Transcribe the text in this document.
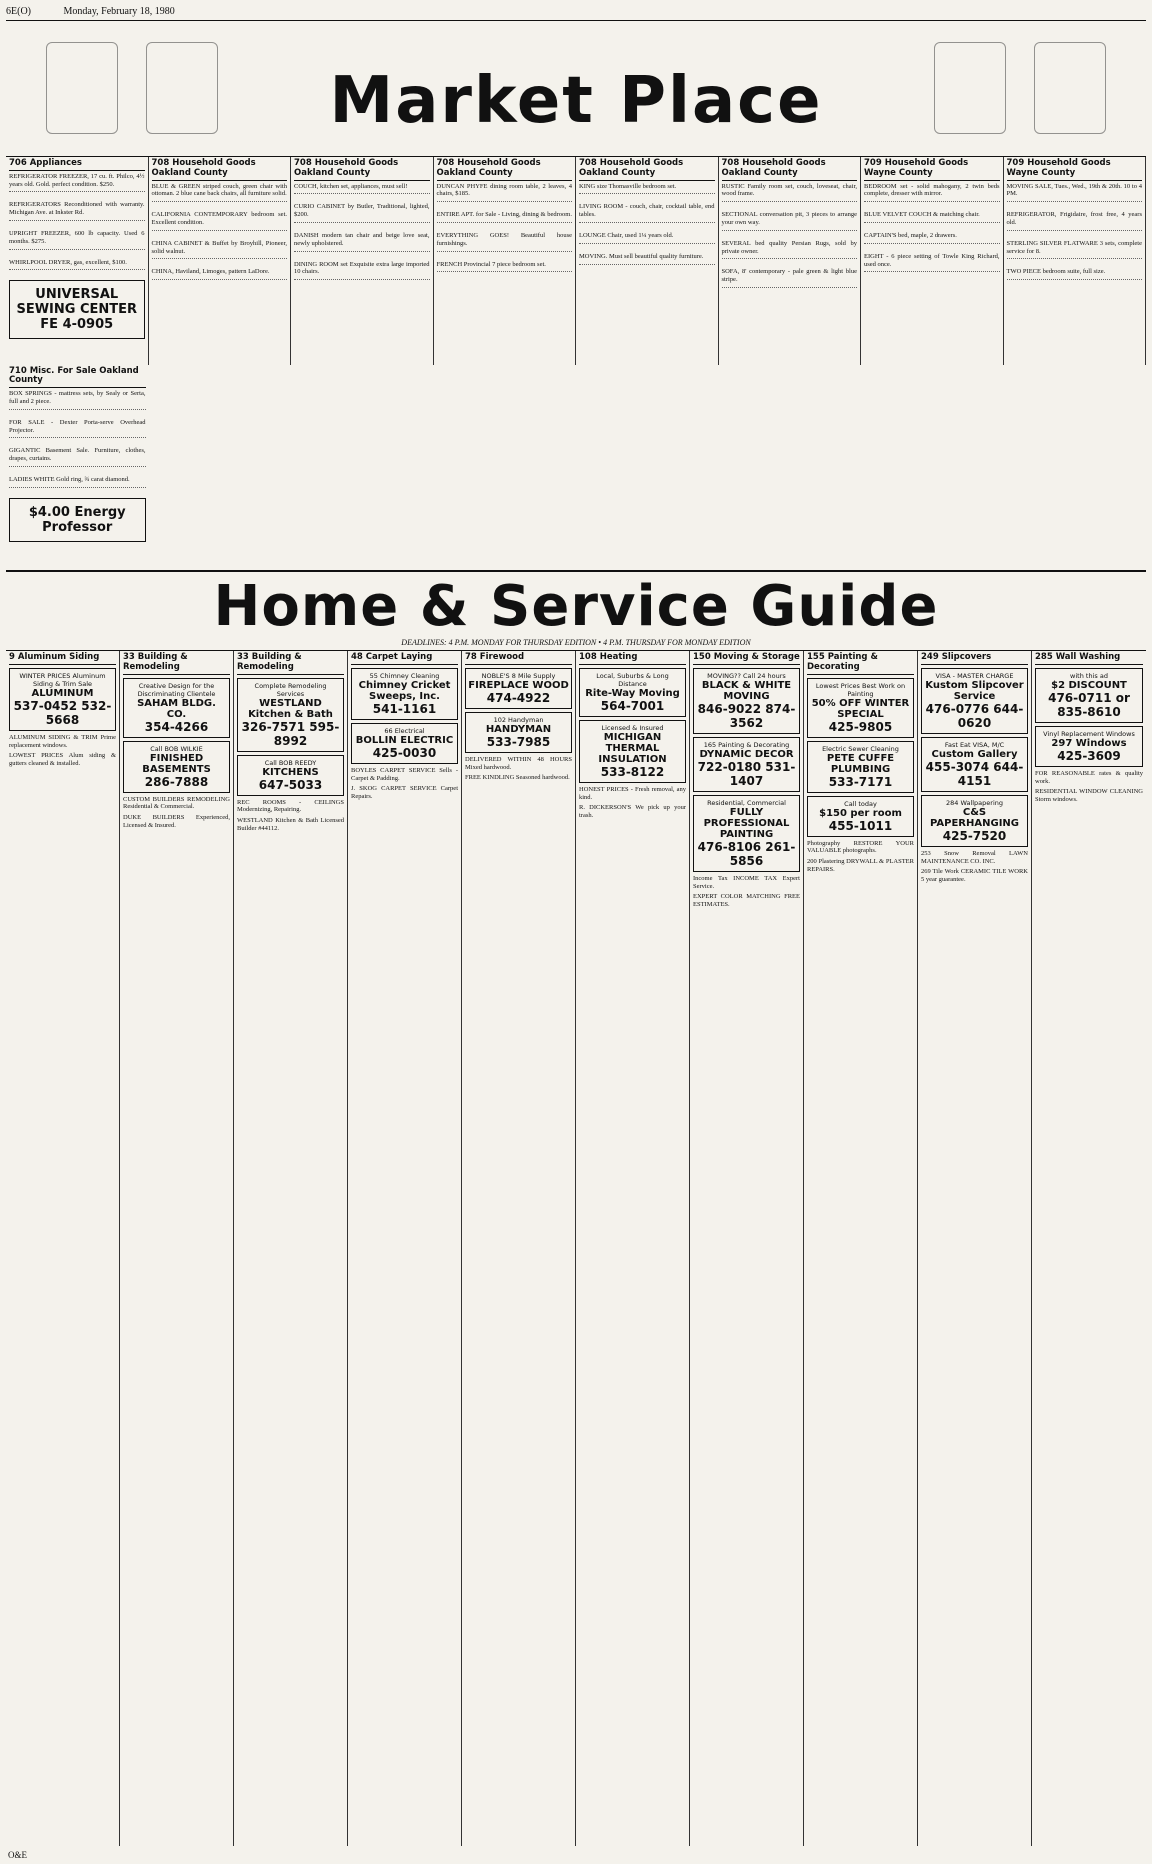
6E(O)	Monday, February 18, 1980
Market Place
706 Appliances
REFRIGERATOR FREEZER, 17 cu. ft. Philco, 4½ years old. Gold. perfect condition. $250.
REFRIGERATORS Reconditioned with warranty. Michigan Ave. at Inkster Rd.
UPRIGHT FREEZER, 600 lb capacity. Used 6 months. $275.
WHIRLPOOL DRYER, gas, excellent, $100.
UNIVERSAL SEWING CENTER FE 4-0905
708 Household Goods Oakland County
BLUE & GREEN striped couch, green chair with ottoman. 2 blue cane back chairs, all furniture solid.
CALIFORNIA CONTEMPORARY bedroom set. Excellent condition.
CHINA CABINET & Buffet by Broyhill, Pioneer, solid walnut.
CHINA, Haviland, Limoges, pattern LaDore.
708 Household Goods Oakland County
COUCH, kitchen set, appliances, must sell!
CURIO CABINET by Butler, Traditional, lighted, $200.
DANISH modern tan chair and beige love seat, newly upholstered.
DINING ROOM set Exquisite extra large imported 10 chairs.
708 Household Goods Oakland County
DUNCAN PHYFE dining room table, 2 leaves, 4 chairs, $185.
ENTIRE APT. for Sale - Living, dining & bedroom.
EVERYTHING GOES! Beautiful house furnishings.
FRENCH Provincial 7 piece bedroom set.
708 Household Goods Oakland County
KING size Thomasville bedroom set.
LIVING ROOM - couch, chair, cocktail table, end tables.
LOUNGE Chair, used 1¼ years old.
MOVING. Must sell beautiful quality furniture.
708 Household Goods Oakland County
RUSTIC Family room set, couch, loveseat, chair, wood frame.
SECTIONAL conversation pit, 3 pieces to arrange your own way.
SEVERAL bed quality Persian Rugs, sold by private owner.
SOFA, 8' contemporary - pale green & light blue stripe.
709 Household Goods Wayne County
BEDROOM set - solid mahogany, 2 twin beds complete, dresser with mirror.
BLUE VELVET COUCH & matching chair.
CAPTAIN'S bed, maple, 2 drawers.
EIGHT - 6 piece setting of Towle King Richard, used once.
709 Household Goods Wayne County
MOVING SALE, Tues., Wed., 19th & 20th. 10 to 4 PM.
REFRIGERATOR, Frigidaire, frost free, 4 years old.
STERLING SILVER FLATWARE 3 sets, complete service for 8.
TWO PIECE bedroom suite, full size.
710 Misc. For Sale Oakland County
BOX SPRINGS - mattress sets, by Sealy or Serta, full and 2 piece.
FOR SALE - Dexter Porta-serve Overhead Projector.
GIGANTIC Basement Sale. Furniture, clothes, drapes, curtains.
LADIES WHITE Gold ring, ¾ carat diamond.
$4.00 Energy Professor
Home & Service Guide
DEADLINES: 4 P.M. MONDAY FOR THURSDAY EDITION • 4 P.M. THURSDAY FOR MONDAY EDITION
9 Aluminum Siding
WINTER PRICES Aluminum Siding & Trim Sale
ALUMINUM
537-0452 532-5668
ALUMINUM SIDING & TRIM Prime replacement windows.
LOWEST PRICES Alum siding & gutters cleaned & installed.
33 Building & Remodeling
Creative Design for the Discriminating Clientele
SAHAM BLDG. CO.
354-4266
Call BOB WILKIE
FINISHED BASEMENTS
286-7888
CUSTOM BUILDERS REMODELING Residential & Commercial.
DUKE BUILDERS Experienced, Licensed & Insured.
33 Building & Remodeling
Complete Remodeling Services
WESTLAND Kitchen & Bath
326-7571 595-8992
Call BOB REEDY
KITCHENS
647-5033
REC ROOMS - CEILINGS Modernizing, Repairing.
WESTLAND Kitchen & Bath Licensed Builder #44112.
48 Carpet Laying
55 Chimney Cleaning
Chimney Cricket Sweeps, Inc.
541-1161
66 Electrical
BOLLIN ELECTRIC
425-0030
BOYLES CARPET SERVICE Sells - Carpet & Padding.
J. SKOG CARPET SERVICE Carpet Repairs.
78 Firewood
NOBLE'S 8 Mile Supply
FIREPLACE WOOD
474-4922
102 Handyman
HANDYMAN
533-7985
DELIVERED WITHIN 48 HOURS Mixed hardwood.
FREE KINDLING Seasoned hardwood.
108 Heating
Local, Suburbs & Long Distance
Rite-Way Moving
564-7001
Licensed & Insured
MICHIGAN THERMAL INSULATION
533-8122
HONEST PRICES - Fresh removal, any kind.
R. DICKERSON'S We pick up your trash.
150 Moving & Storage
MOVING?? Call 24 hours
BLACK & WHITE MOVING
846-9022 874-3562
165 Painting & Decorating
DYNAMIC DECOR
722-0180 531-1407
Residential, Commercial
FULLY PROFESSIONAL PAINTING
476-8106 261-5856
Income Tax INCOME TAX Expert Service.
EXPERT COLOR MATCHING FREE ESTIMATES.
155 Painting & Decorating
Lowest Prices Best Work on Painting
50% OFF WINTER SPECIAL
425-9805
Electric Sewer Cleaning
PETE CUFFE PLUMBING
533-7171
Call today
$150 per room
455-1011
Photography RESTORE YOUR VALUABLE photographs.
200 Plastering DRYWALL & PLASTER REPAIRS.
249 Slipcovers
VISA - MASTER CHARGE
Kustom Slipcover Service
476-0776 644-0620
Fast Eat VISA, M/C
Custom Gallery
455-3074 644-4151
284 Wallpapering
C&S PAPERHANGING
425-7520
253 Snow Removal LAWN MAINTENANCE CO. INC.
269 Tile Work CERAMIC TILE WORK 5 year guarantee.
285 Wall Washing
with this ad
$2 DISCOUNT
476-0711 or 835-8610
Vinyl Replacement Windows
297 Windows
425-3609
FOR REASONABLE rates & quality work.
RESIDENTIAL WINDOW CLEANING Storm windows.
O&E
